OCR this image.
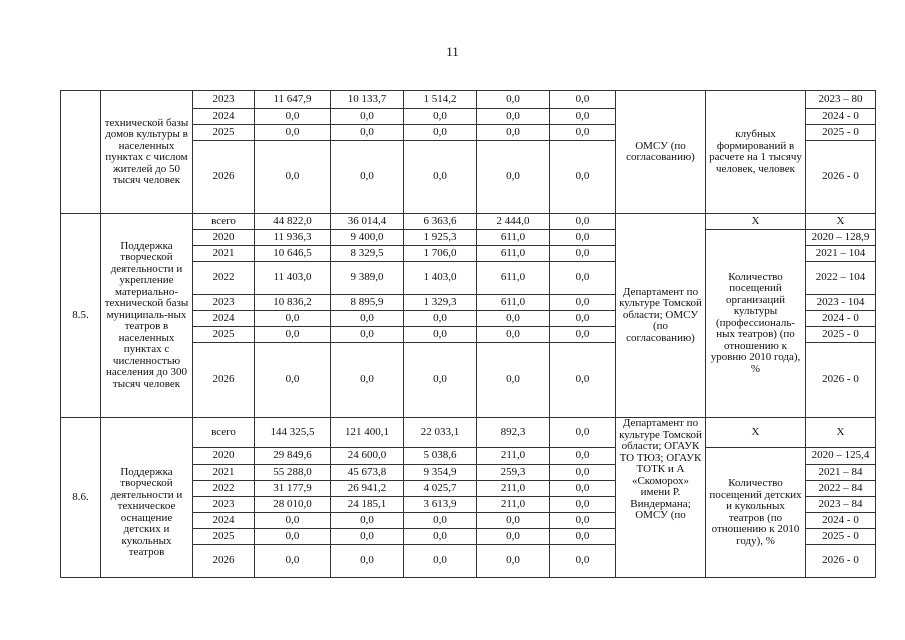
11
	технической базы домов культуры в населенных пунктах с числом жителей до 50 тысяч человек	2023	11 647,9	10 133,7	1 514,2	0,0	0,0	ОМСУ (по согласованию)	клубных формирований в расчете на 1 тысячу человек, человек	2023 – 80
		2024	0,0	0,0	0,0	0,0	0,0			2024 - 0
		2025	0,0	0,0	0,0	0,0	0,0			2025 - 0
		2026	0,0	0,0	0,0	0,0	0,0			2026 - 0
8.5.	Поддержка творческой деятельности и укрепление материально-технической базы муниципаль-ных театров в населенных пунктах с численностью населения до 300 тысяч человек	всего	44 822,0	36 014,4	6 363,6	2 444,0	0,0	Департамент по культуре Томской области; ОМСУ (по согласованию)	Х	Х
		2020	11 936,3	9 400,0	1 925,3	611,0	0,0		Количество посещений организаций культуры (профессиональ-ных театров) (по отношению к уровню 2010 года), %	2020 – 128,9
		2021	10 646,5	8 329,5	1 706,0	611,0	0,0			2021 – 104
		2022	11 403,0	9 389,0	1 403,0	611,0	0,0			2022 – 104
		2023	10 836,2	8 895,9	1 329,3	611,0	0,0			2023 - 104
		2024	0,0	0,0	0,0	0,0	0,0			2024 - 0
		2025	0,0	0,0	0,0	0,0	0,0			2025 - 0
		2026	0,0	0,0	0,0	0,0	0,0			2026 - 0
8.6.	Поддержка творческой деятельности и техническое оснащение детских и кукольных театров	всего	144 325,5	121 400,1	22 033,1	892,3	0,0	Департамент по культуре Томской области; ОГАУК ТО ТЮЗ; ОГАУК ТОТК и А «Скоморох» имени Р. Виндермана; ОМСУ (по	Х	Х
		2020	29 849,6	24 600,0	5 038,6	211,0	0,0		Количество посещений детских и кукольных театров (по отношению к 2010 году), %	2020 – 125,4
		2021	55 288,0	45 673,8	9 354,9	259,3	0,0			2021 – 84
		2022	31 177,9	26 941,2	4 025,7	211,0	0,0			2022 – 84
		2023	28 010,0	24 185,1	3 613,9	211,0	0,0			2023 – 84
		2024	0,0	0,0	0,0	0,0	0,0			2024 - 0
		2025	0,0	0,0	0,0	0,0	0,0			2025 - 0
		2026	0,0	0,0	0,0	0,0	0,0			2026 - 0
